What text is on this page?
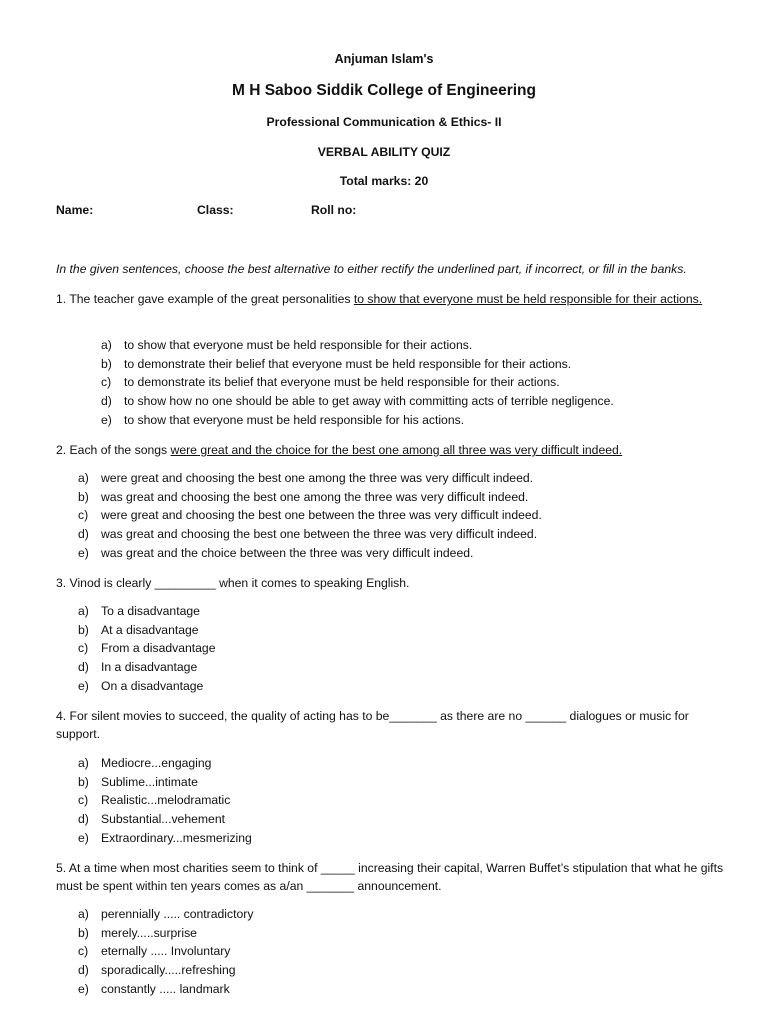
Anjuman Islam's
M H Saboo Siddik College of Engineering
Professional Communication & Ethics- II
VERBAL ABILITY QUIZ
Total marks: 20
Name:	Class:	Roll no:
In the given sentences, choose the best alternative to either rectify the underlined part, if incorrect, or fill in the banks.
1. The teacher gave example of the great personalities to show that everyone must be held responsible for their actions.
a) to show that everyone must be held responsible for their actions.
b) to demonstrate their belief that everyone must be held responsible for their actions.
c) to demonstrate its belief that everyone must be held responsible for their actions.
d) to show how no one should be able to get away with committing acts of terrible negligence.
e) to show that everyone must be held responsible for his actions.
2. Each of the songs were great and the choice for the best one among all three was very difficult indeed.
a) were great and choosing the best one among the three was very difficult indeed.
b) was great and choosing the best one among the three was very difficult indeed.
c) were great and choosing the best one between the three was very difficult indeed.
d) was great and choosing the best one between the three was very difficult indeed.
e) was great and the choice between the three was very difficult indeed.
3. Vinod is clearly _________ when it comes to speaking English.
a) To a disadvantage
b) At a disadvantage
c) From a disadvantage
d) In a disadvantage
e) On a disadvantage
4. For silent movies to succeed, the quality of acting has to be_______ as there are no ______ dialogues or music for support.
a) Mediocre...engaging
b) Sublime...intimate
c) Realistic...melodramatic
d) Substantial...vehement
e) Extraordinary...mesmerizing
5. At a time when most charities seem to think of _____ increasing their capital, Warren Buffet’s stipulation that what he gifts must be spent within ten years comes as a/an _______ announcement.
a) perennially ..... contradictory
b) merely.....surprise
c) eternally ..... Involuntary
d) sporadically.....refreshing
e) constantly ..... landmark
